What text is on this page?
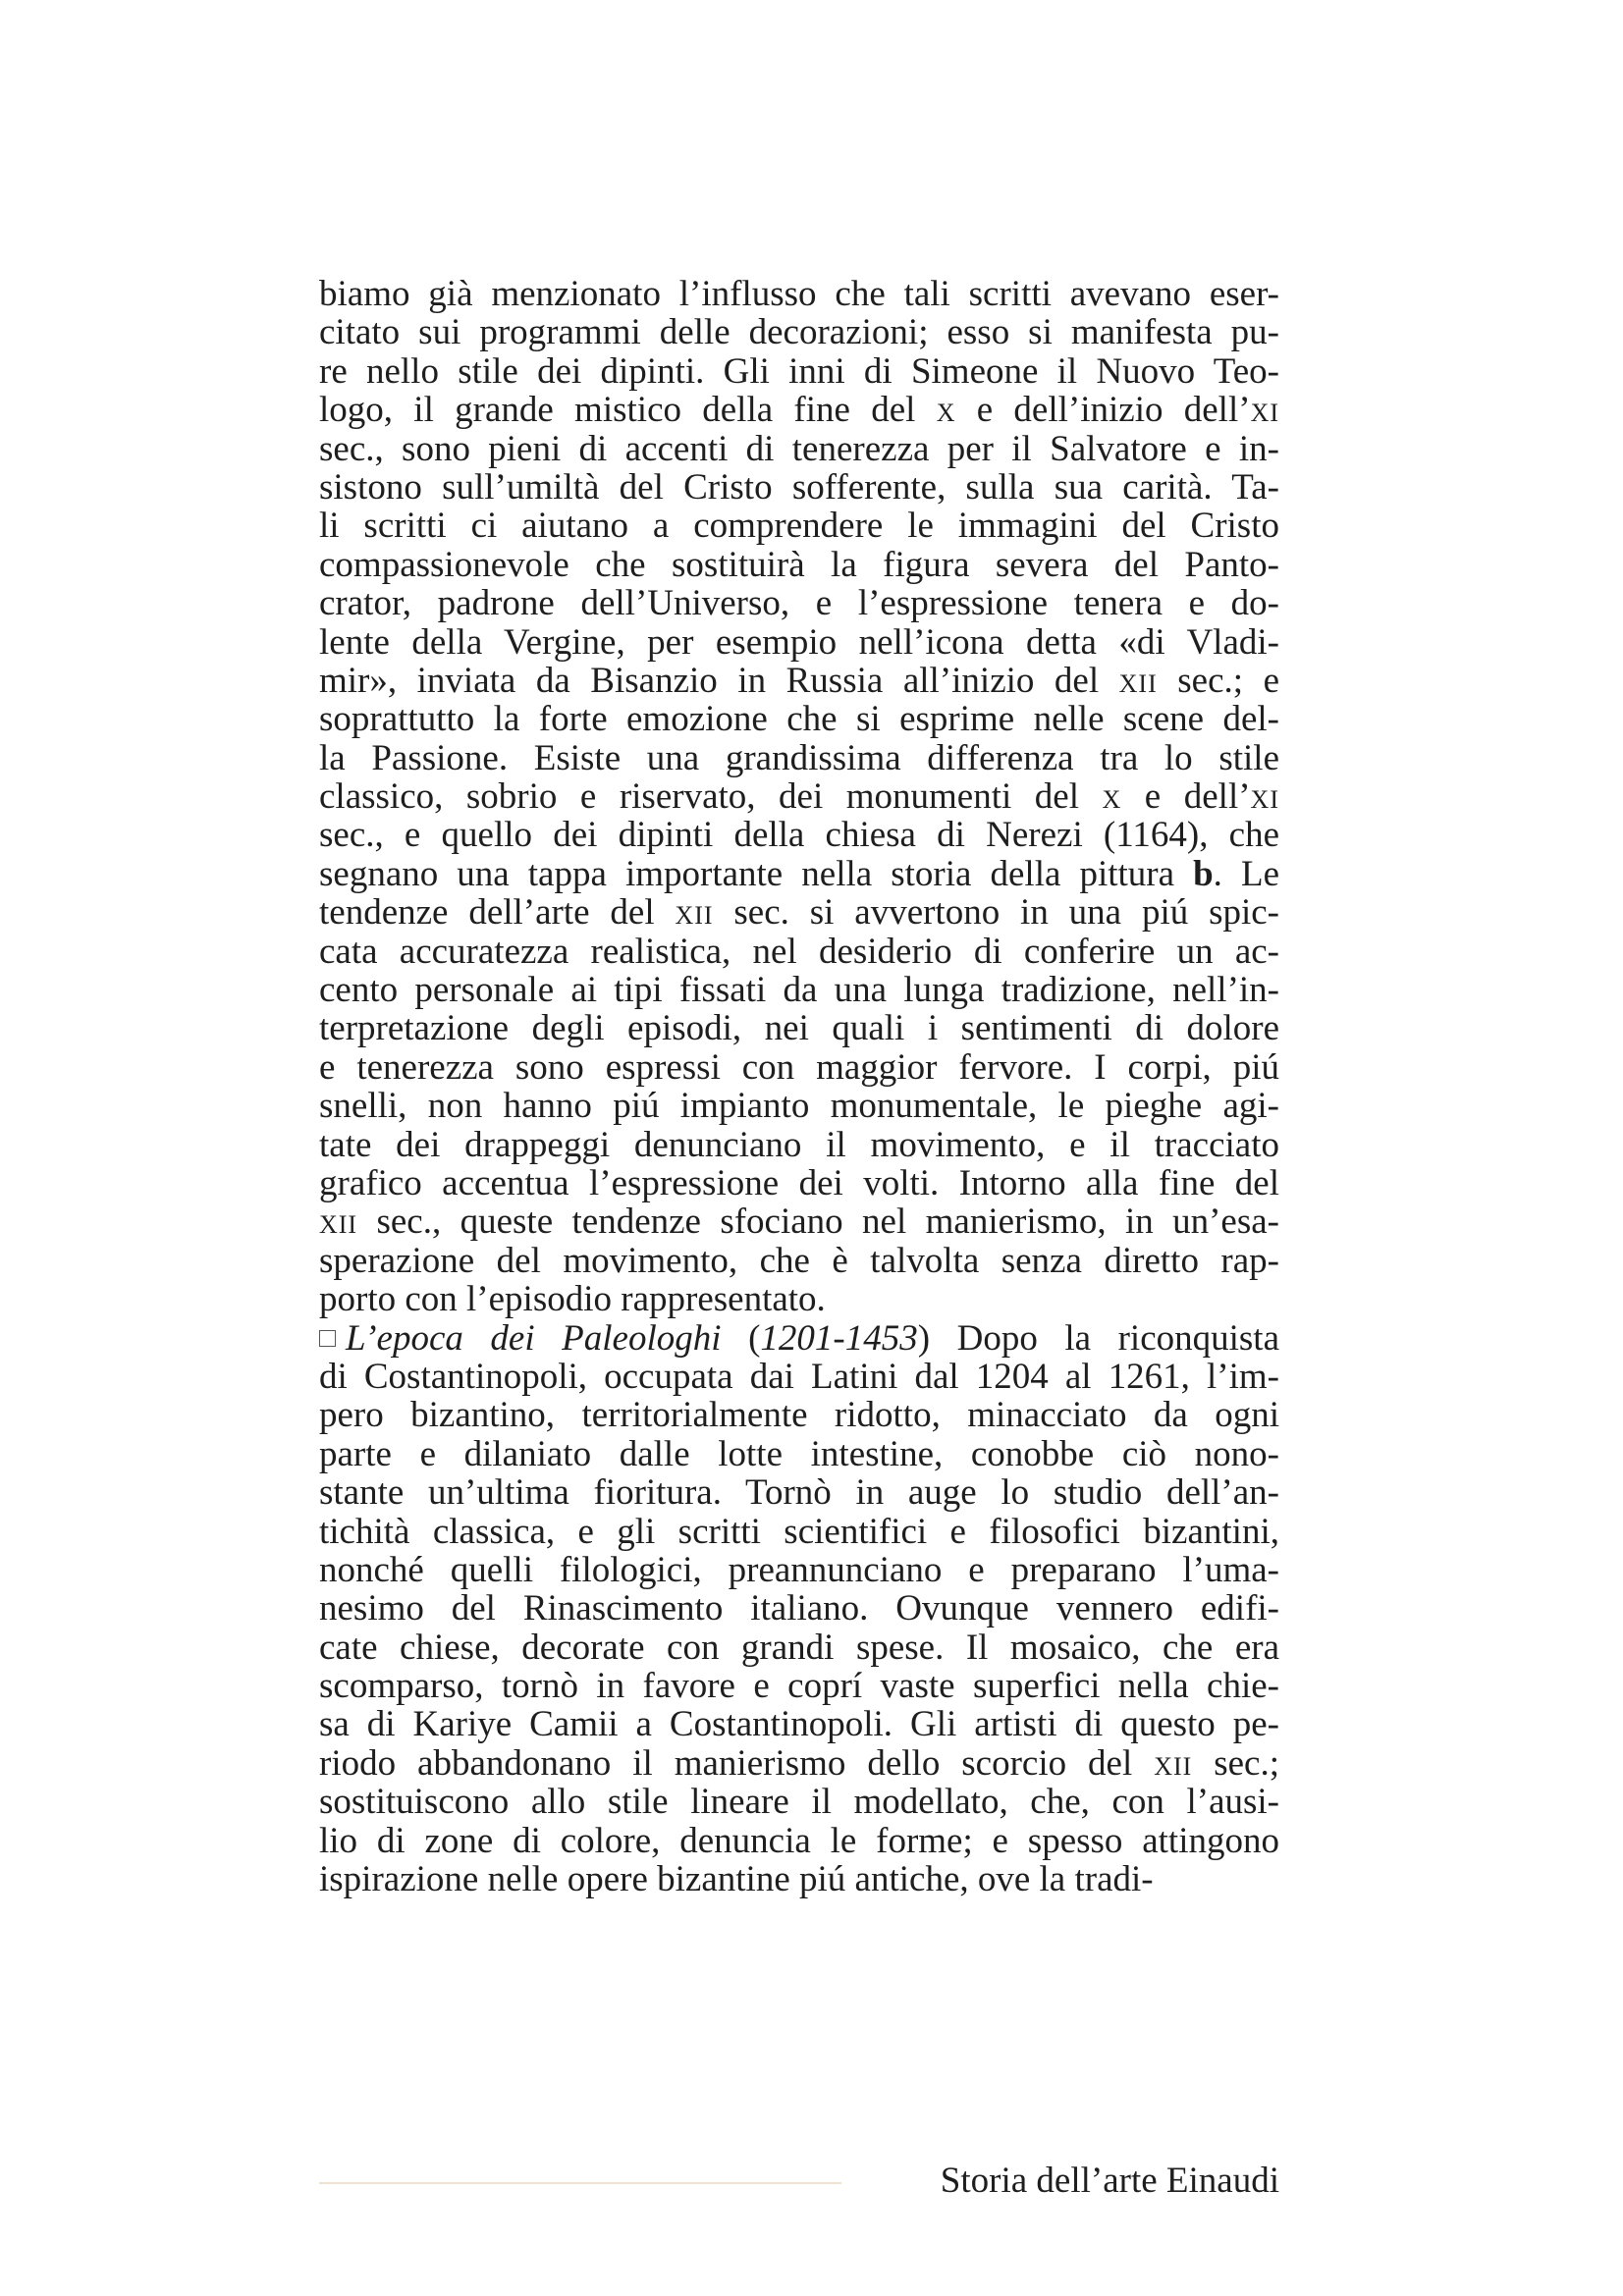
biamo già menzionato l’influsso che tali scritti avevano eser-
citato sui programmi delle decorazioni; esso si manifesta pu-
re nello stile dei dipinti. Gli inni di Simeone il Nuovo Teo-
logo, il grande mistico della fine del x e dell’inizio dell’xi
sec., sono pieni di accenti di tenerezza per il Salvatore e in-
sistono sull’umiltà del Cristo sofferente, sulla sua carità. Ta-
li scritti ci aiutano a comprendere le immagini del Cristo
compassionevole che sostituirà la figura severa del Panto-
crator, padrone dell’Universo, e l’espressione tenera e do-
lente della Vergine, per esempio nell’icona detta «di Vladi-
mir», inviata da Bisanzio in Russia all’inizio del xii sec.; e
soprattutto la forte emozione che si esprime nelle scene del-
la Passione. Esiste una grandissima differenza tra lo stile
classico, sobrio e riservato, dei monumenti del x e dell’xi
sec., e quello dei dipinti della chiesa di Nerezi (1164), che
segnano una tappa importante nella storia della pittura b. Le
tendenze dell’arte del xii sec. si avvertono in una piú spic-
cata accuratezza realistica, nel desiderio di conferire un ac-
cento personale ai tipi fissati da una lunga tradizione, nell’in-
terpretazione degli episodi, nei quali i sentimenti di dolore
e tenerezza sono espressi con maggior fervore. I corpi, piú
snelli, non hanno piú impianto monumentale, le pieghe agi-
tate dei drappeggi denunciano il movimento, e il tracciato
grafico accentua l’espressione dei volti. Intorno alla fine del
xii sec., queste tendenze sfociano nel manierismo, in un’esa-
sperazione del movimento, che è talvolta senza diretto rap-
porto con l’episodio rappresentato.
L’epoca dei Paleologhi (1201-1453) Dopo la riconquista
di Costantinopoli, occupata dai Latini dal 1204 al 1261, l’im-
pero bizantino, territorialmente ridotto, minacciato da ogni
parte e dilaniato dalle lotte intestine, conobbe ciò nono-
stante un’ultima fioritura. Tornò in auge lo studio dell’an-
tichità classica, e gli scritti scientifici e filosofici bizantini,
nonché quelli filologici, preannunciano e preparano l’uma-
nesimo del Rinascimento italiano. Ovunque vennero edifi-
cate chiese, decorate con grandi spese. Il mosaico, che era
scomparso, tornò in favore e coprí vaste superfici nella chie-
sa di Kariye Camii a Costantinopoli. Gli artisti di questo pe-
riodo abbandonano il manierismo dello scorcio del xii sec.;
sostituiscono allo stile lineare il modellato, che, con l’ausi-
lio di zone di colore, denuncia le forme; e spesso attingono
ispirazione nelle opere bizantine piú antiche, ove la tradi-
Storia dell’arte Einaudi
